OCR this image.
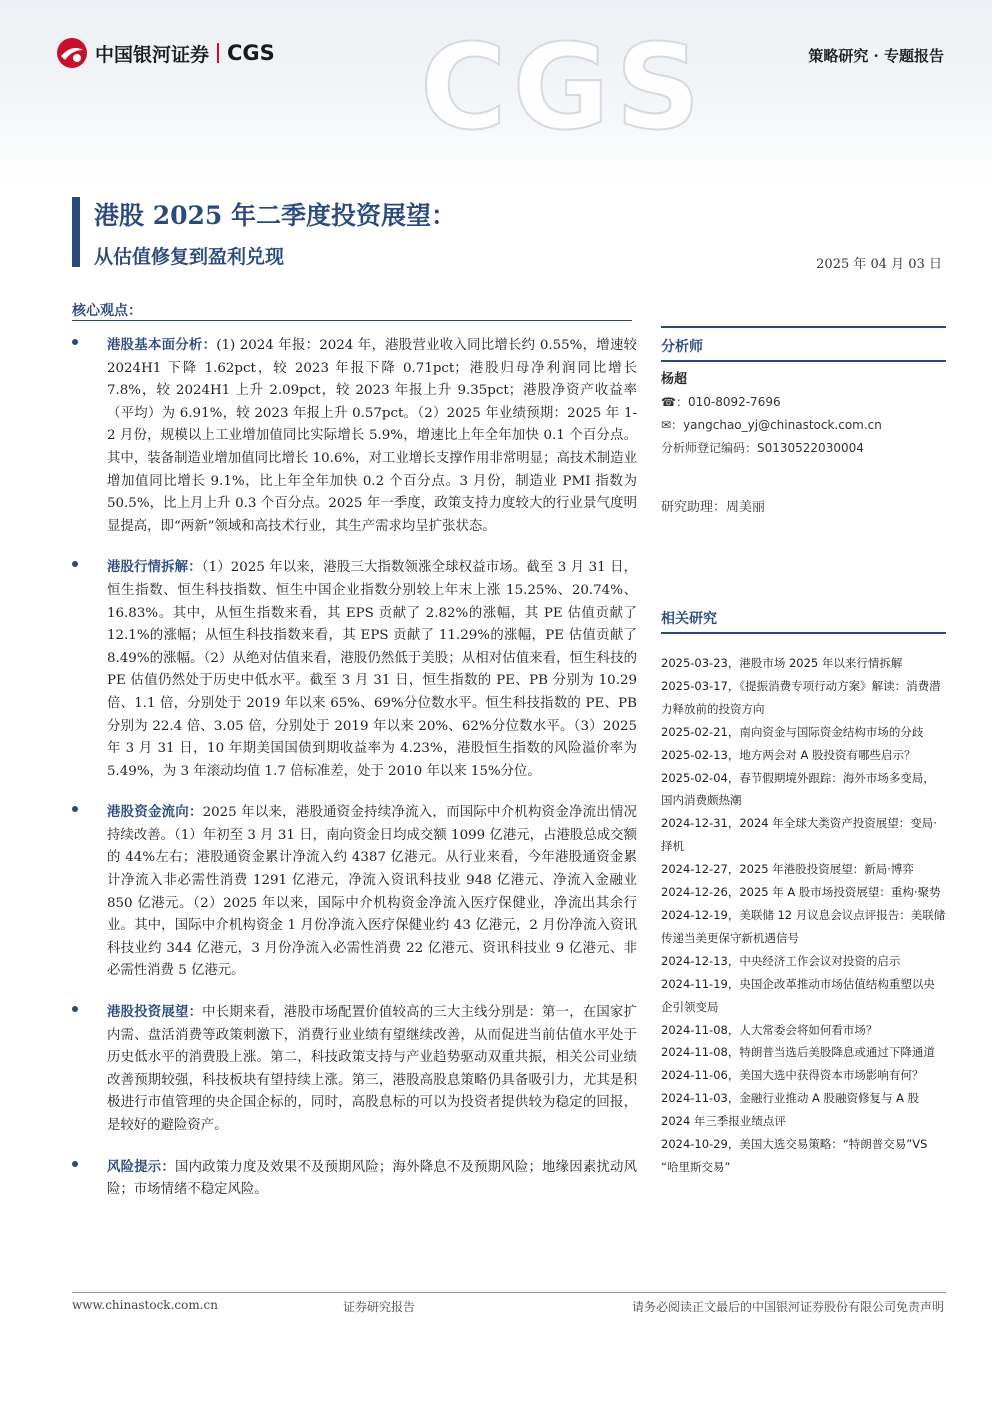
CGS
中国银河证券 CGS	策略研究 · 专题报告
港股 2025 年二季度投资展望：
从估值修复到盈利兑现	2025 年 04 月 03 日
核心观点：

港股基本面分析：(1) 2024 年报：2024 年，港股营业收入同比增长约 0.55%，增速较 2024H1 下降 1.62pct，较 2023 年报下降 0.71pct；港股归母净利润同比增长 7.8%，较 2024H1 上升 2.09pct，较 2023 年报上升 9.35pct；港股净资产收益率（平均）为 6.91%，较 2023 年报上升 0.57pct。（2）2025 年业绩预期：2025 年 1-2 月份，规模以上工业增加值同比实际增长 5.9%，增速比上年全年加快 0.1 个百分点。其中，装备制造业增加值同比增长 10.6%，对工业增长支撑作用非常明显；高技术制造业增加值同比增长 9.1%，比上年全年加快 0.2 个百分点。3 月份，制造业 PMI 指数为 50.5%，比上月上升 0.3 个百分点。2025 年一季度，政策支持力度较大的行业景气度明显提高，即“两新”领域和高技术行业，其生产需求均呈扩张状态。

港股行情拆解：（1）2025 年以来，港股三大指数领涨全球权益市场。截至 3 月 31 日，恒生指数、恒生科技指数、恒生中国企业指数分别较上年末上涨 15.25%、20.74%、16.83%。其中，从恒生指数来看，其 EPS 贡献了 2.82%的涨幅，其 PE 估值贡献了 12.1%的涨幅；从恒生科技指数来看，其 EPS 贡献了 11.29%的涨幅，PE 估值贡献了 8.49%的涨幅。（2）从绝对估值来看，港股仍然低于美股；从相对估值来看，恒生科技的 PE 估值仍然处于历史中低水平。截至 3 月 31 日，恒生指数的 PE、PB 分别为 10.29 倍、1.1 倍，分别处于 2019 年以来 65%、69%分位数水平。恒生科技指数的 PE、PB 分别为 22.4 倍、3.05 倍，分别处于 2019 年以来 20%、62%分位数水平。（3）2025 年 3 月 31 日，10 年期美国国债到期收益率为 4.23%，港股恒生指数的风险溢价率为 5.49%，为 3 年滚动均值 1.7 倍标准差，处于 2010 年以来 15%分位。

港股资金流向：2025 年以来，港股通资金持续净流入，而国际中介机构资金净流出情况持续改善。（1）年初至 3 月 31 日，南向资金日均成交额 1099 亿港元，占港股总成交额的 44%左右；港股通资金累计净流入约 4387 亿港元。从行业来看，今年港股通资金累计净流入非必需性消费 1291 亿港元，净流入资讯科技业 948 亿港元、净流入金融业 850 亿港元。（2）2025 年以来，国际中介机构资金净流入医疗保健业，净流出其余行业。其中，国际中介机构资金 1 月份净流入医疗保健业约 43 亿港元，2 月份净流入资讯科技业约 344 亿港元，3 月份净流入必需性消费 22 亿港元、资讯科技业 9 亿港元、非必需性消费 5 亿港元。

港股投资展望：中长期来看，港股市场配置价值较高的三大主线分别是：第一，在国家扩内需、盘活消费等政策刺激下，消费行业业绩有望继续改善，从而促进当前估值水平处于历史低水平的消费股上涨。第二，科技政策支持与产业趋势驱动双重共振，相关公司业绩改善预期较强，科技板块有望持续上涨。第三，港股高股息策略仍具备吸引力，尤其是积极进行市值管理的央企国企标的，同时，高股息标的可以为投资者提供较为稳定的回报，是较好的避险资产。

风险提示：国内政策力度及效果不及预期风险；海外降息不及预期风险；地缘因素扰动风险；市场情绪不稳定风险。

分析师
杨超
☎：010-8092-7696
✉：yangchao_yj@chinastock.com.cn
分析师登记编码：S0130522030004
研究助理：周美丽
相关研究
2025-03-23，港股市场 2025 年以来行情拆解
2025-03-17，《提振消费专项行动方案》解读：消费潜力释放前的投资方向
2025-02-21，南向资金与国际资金结构市场的分歧
2025-02-13，地方两会对 A 股投资有哪些启示？
2025-02-04，春节假期境外跟踪：海外市场多变局，国内消费颇热潮
2024-12-31，2024 年全球大类资产投资展望：变局·择机
2024-12-27，2025 年港股投资展望：新局·博弈
2024-12-26，2025 年 A 股市场投资展望：重构·聚势
2024-12-19，美联储 12 月议息会议点评报告：美联储传递当美更保守新机遇信号
2024-12-13，中央经济工作会议对投资的启示
2024-11-19，央国企改革推动市场估值结构重塑以央企引领变局
2024-11-08，人大常委会将如何看市场？
2024-11-08，特朗普当选后美股降息或通过下降通道
2024-11-06，美国大选中获得资本市场影响有何？
2024-11-03，金融行业推动 A 股融资修复与 A 股 2024 年三季报业绩点评
2024-10-29，美国大选交易策略：“特朗普交易”VS “哈里斯交易”
www.chinastock.com.cn	证券研究报告	请务必阅读正文最后的中国银河证券股份有限公司免责声明
